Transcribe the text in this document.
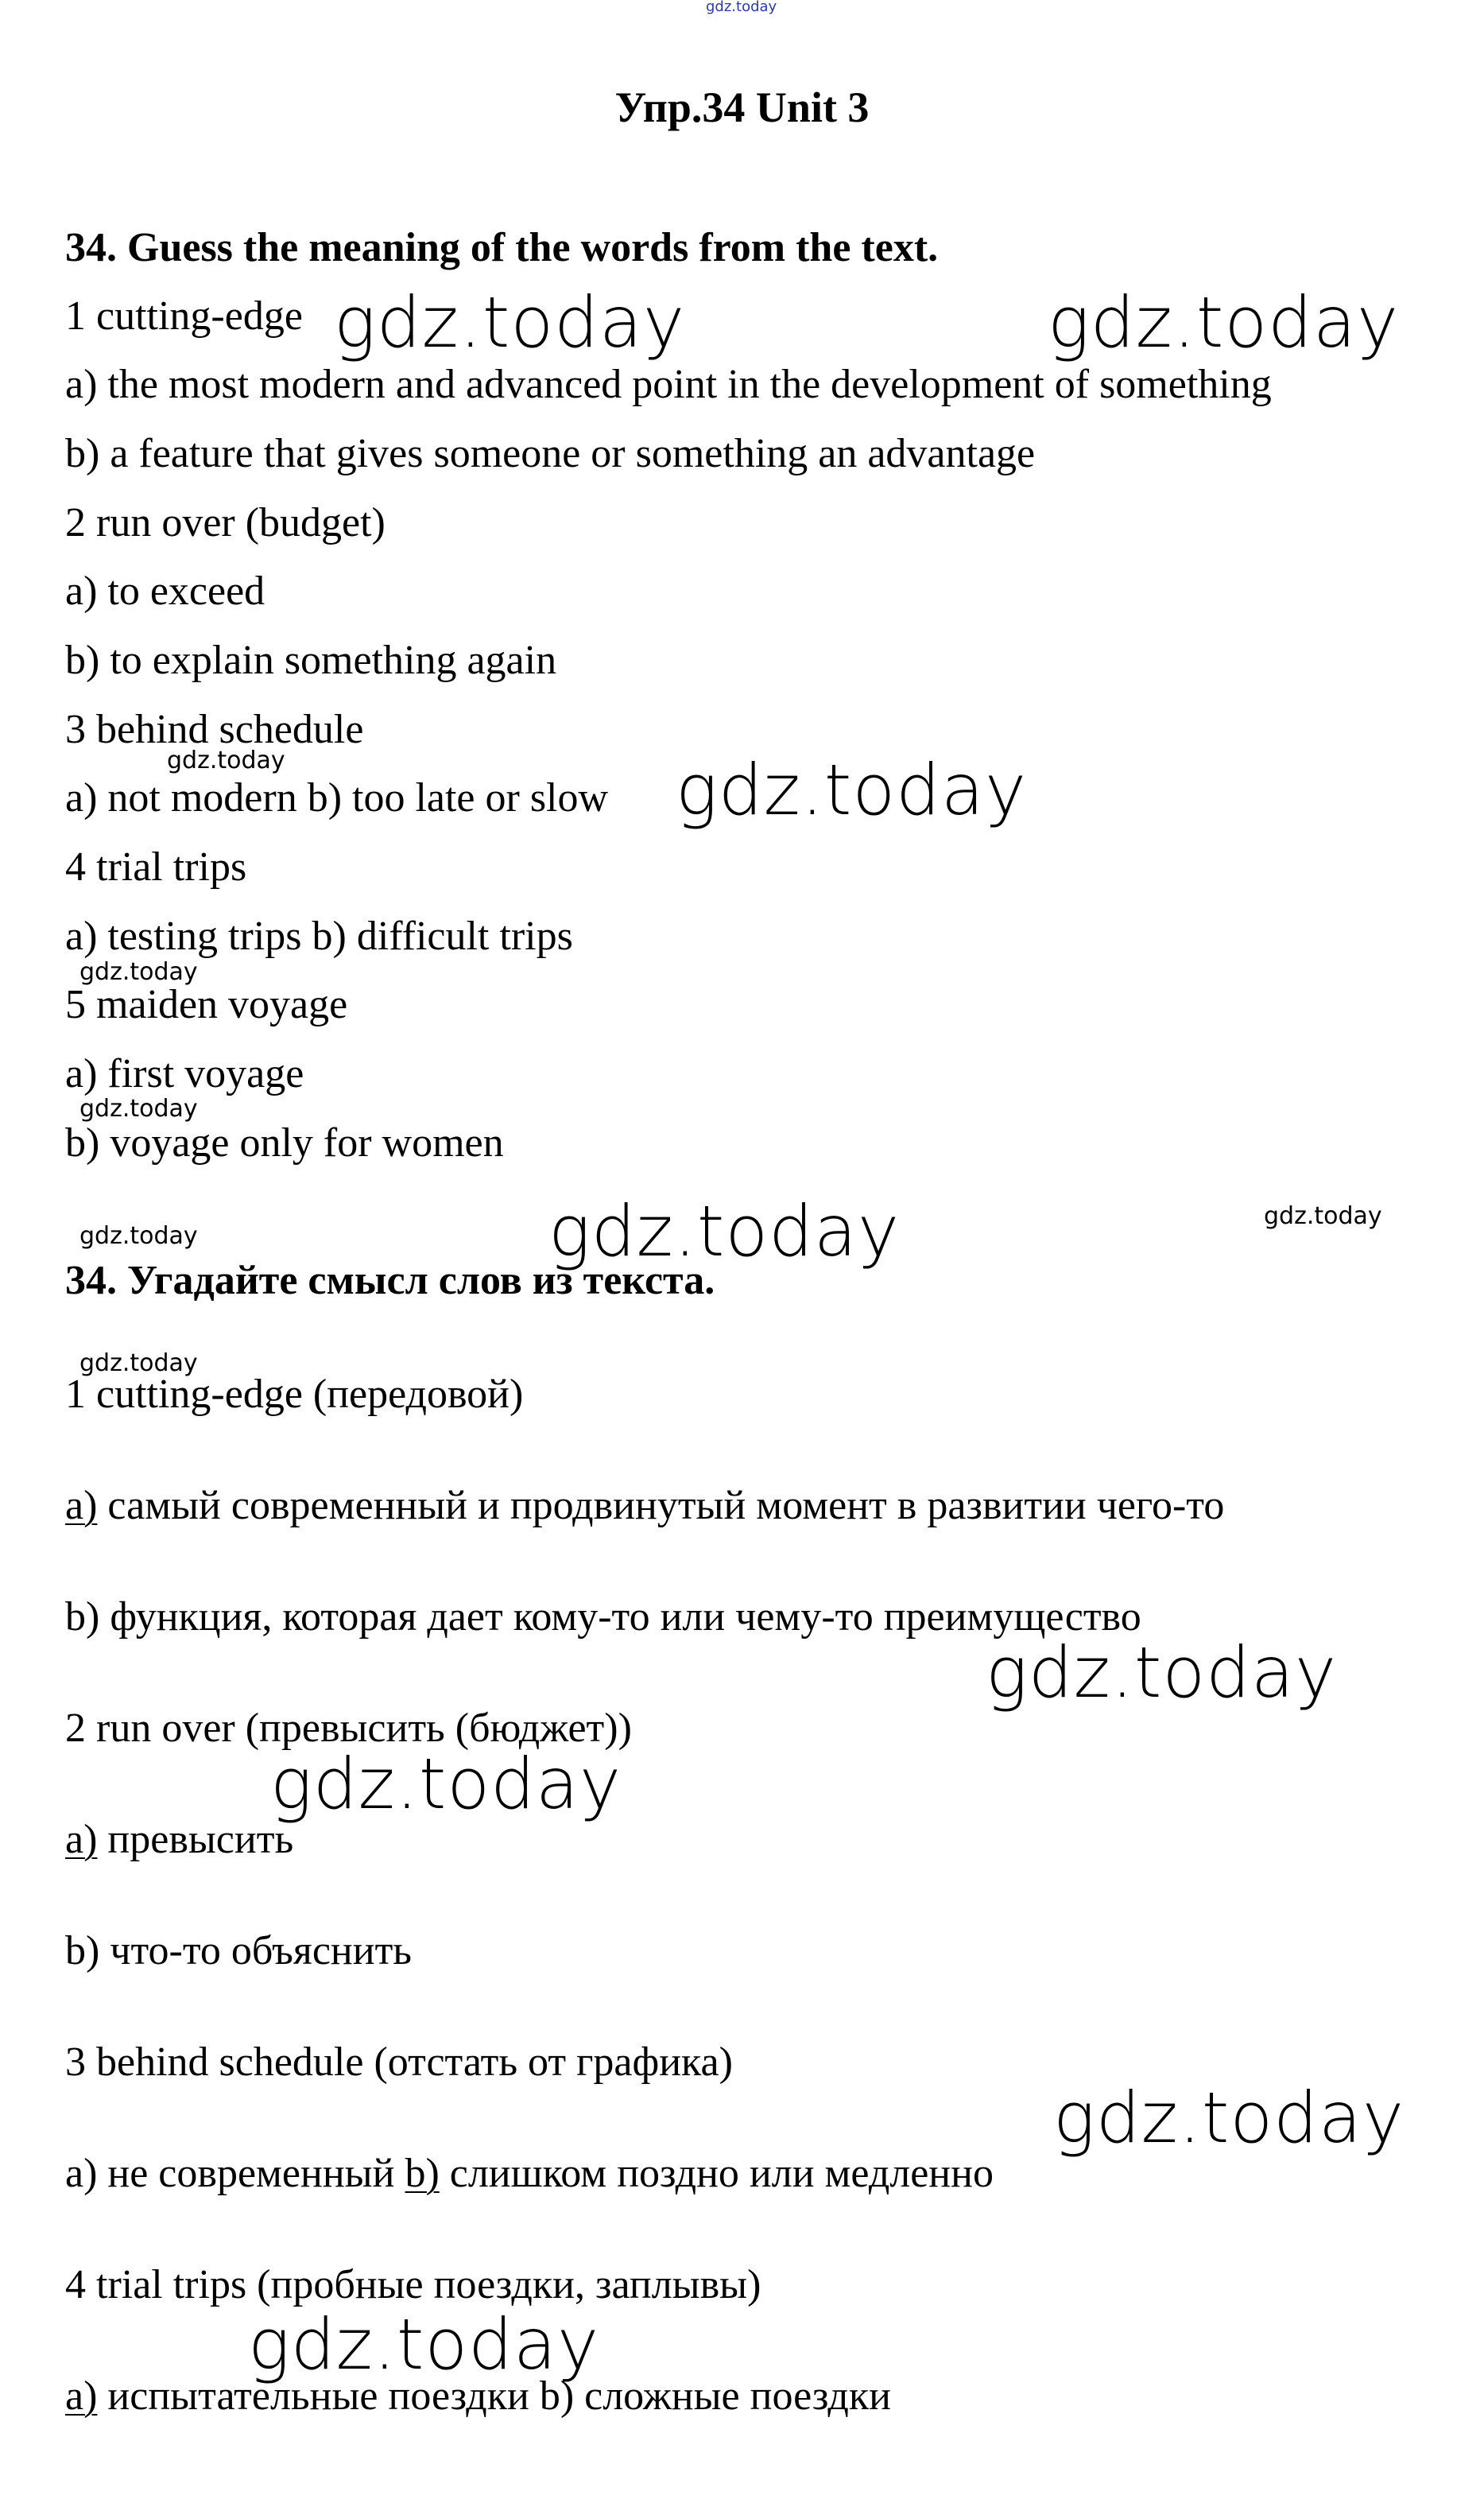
gdz.today
Упр.34 Unit 3
34. Guess the meaning of the words from the text.
1 cutting-edge
a) the most modern and advanced point in the development of something
b) a feature that gives someone or something an advantage
2 run over (budget)
a) to exceed
b) to explain something again
3 behind schedule
a) not modern b) too late or slow
4 trial trips
a) testing trips b) difficult trips
5 maiden voyage
a) first voyage
b) voyage only for women
34. Угадайте смысл слов из текста.
1 cutting-edge (передовой)
a) самый современный и продвинутый момент в развитии чего-то
b) функция, которая дает кому-то или чему-то преимущество
2 run over (превысить (бюджет))
a) превысить
b) что-то объяснить
3 behind schedule (отстать от графика)
a) не современный b) слишком поздно или медленно
4 trial trips (пробные поездки, заплывы)
a) испытательные поездки b) сложные поездки
gdz.today	gdz.today
gdz.today
gdz.today
gdz.today
gdz.today
gdz.today
gdz.today
gdz.today
gdz.today
gdz.today
gdz.today
gdz.today
gdz.today
